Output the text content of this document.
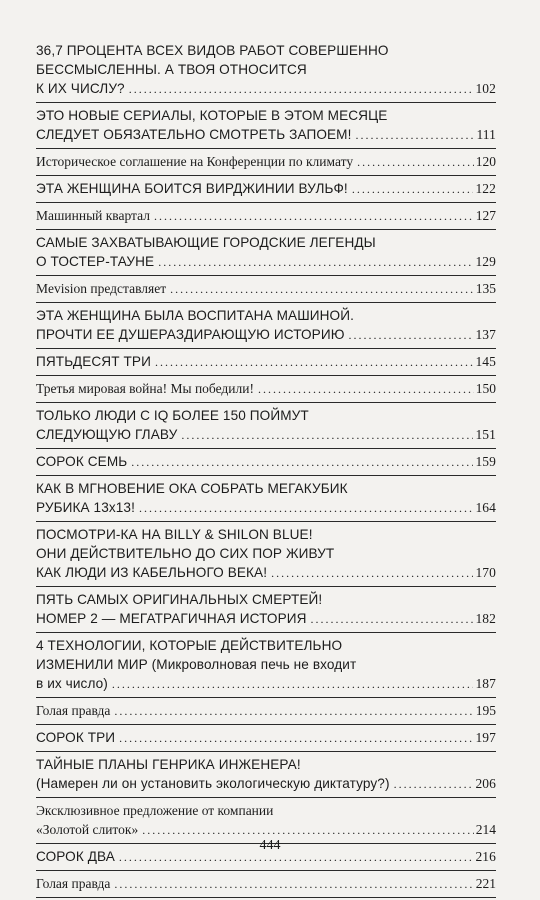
36,7 ПРОЦЕНТА ВСЕХ ВИДОВ РАБОТ СОВЕРШЕННО
БЕССМЫСЛЕННЫ. А ТВОЯ ОТНОСИТСЯ
К ИХ ЧИСЛУ? .....	102
ЭТО НОВЫЕ СЕРИАЛЫ, КОТОРЫЕ В ЭТОМ МЕСЯЦЕ
СЛЕДУЕТ ОБЯЗАТЕЛЬНО СМОТРЕТЬ ЗАПОЕМ! .....	111
Историческое соглашение на Конференции по климату .....	120
ЭТА ЖЕНЩИНА БОИТСЯ ВИРДЖИНИИ ВУЛЬФ! .....	122
Машинный квартал .....	127
САМЫЕ ЗАХВАТЫВАЮЩИЕ ГОРОДСКИЕ ЛЕГЕНДЫ
О ТОСТЕР-ТАУНЕ .....	129
Mevision представляет .....	135
ЭТА ЖЕНЩИНА БЫЛА ВОСПИТАНА МАШИНОЙ.
ПРОЧТИ ЕЕ ДУШЕРАЗДИРАЮЩУЮ ИСТОРИЮ .....	137
ПЯТЬДЕСЯТ ТРИ .....	145
Третья мировая война! Мы победили! .....	150
ТОЛЬКО ЛЮДИ С IQ БОЛЕЕ 150 ПОЙМУТ
СЛЕДУЮЩУЮ ГЛАВУ .....	151
СОРОК СЕМЬ .....	159
КАК В МГНОВЕНИЕ ОКА СОБРАТЬ МЕГАКУБИК
РУБИКА 13x13! .....	164
ПОСМОТРИ-КА НА BILLY & SHILON BLUE!
ОНИ ДЕЙСТВИТЕЛЬНО ДО СИХ ПОР ЖИВУТ
КАК ЛЮДИ ИЗ КАБЕЛЬНОГО ВЕКА! .....	170
ПЯТЬ САМЫХ ОРИГИНАЛЬНЫХ СМЕРТЕЙ!
НОМЕР 2 — МЕГАТРАГИЧНАЯ ИСТОРИЯ .....	182
4 ТЕХНОЛОГИИ, КОТОРЫЕ ДЕЙСТВИТЕЛЬНО
ИЗМЕНИЛИ МИР (Микроволновая печь не входит
в их число) .....	187
Голая правда .....	195
СОРОК ТРИ .....	197
ТАЙНЫЕ ПЛАНЫ ГЕНРИКА ИНЖЕНЕРА!
(Намерен ли он установить экологическую диктатуру?) .....	206
Эксклюзивное предложение от компании
«Золотой слиток» .....	214
СОРОК ДВА .....	216
Голая правда .....	221
444
